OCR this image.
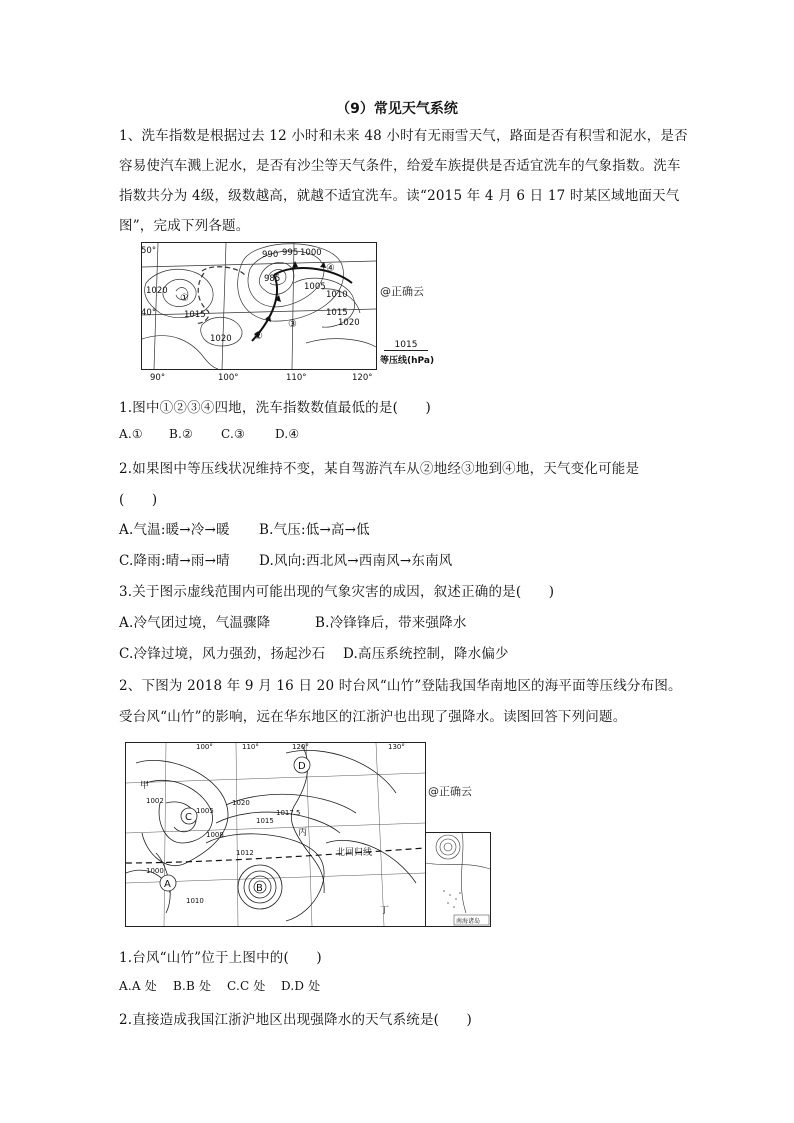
（9）常见天气系统
1、洗车指数是根据过去 12 小时和未来 48 小时有无雨雪天气，路面是否有积雪和泥水，是否
容易使汽车溅上泥水，是否有沙尘等天气条件，给爱车族提供是否适宜洗车的气象指数。洗车
指数共分为 4级，级数越高，就越不适宜洗车。读“2015 年 4 月 6 日 17 时某区域地面天气
图”，完成下列各题。
50°
40°
90°	100°	110°	120°
1020
1015
1020
990
985
995 1000
1005
1010
1015
1020
①
②
③
④
@正确云
1015
等压线(hPa)
1.图中①②③④四地，洗车指数数值最低的是(　　)
A.① B.② C.③	D.④
2.如果图中等压线状况维持不变，某自驾游汽车从②地经③地到④地，天气变化可能是
(　　)
A.气温:暖→冷→暖 B.气压:低→高→低
C.降雨:晴→雨→晴 D.风向:西北风→西南风→东南风
3.关于图示虚线范围内可能出现的气象灾害的成因，叙述正确的是(　　)
A.冷气团过境，气温骤降	B.冷锋锋后，带来强降水
C.冷锋过境，风力强劲，扬起沙石 D.高压系统控制，降水偏少
2、下图为 2018 年 9 月 16 日 20 时台风“山竹”登陆我国华南地区的海平面等压线分布图。
受台风“山竹”的影响，远在华东地区的江浙沪也出现了强降水。读图回答下列问题。
甲
丙
丁
北回归线
100°	110°	120°	130°
1002
1005
1008
1012
1015
1017.5
1020
1000
1010
C
A	B
D
@正确云
南海诸岛
1.台风“山竹”位于上图中的(　　)
A.A 处 B.B 处 C.C 处 D.D 处
2.直接造成我国江浙沪地区出现强降水的天气系统是(　　)
